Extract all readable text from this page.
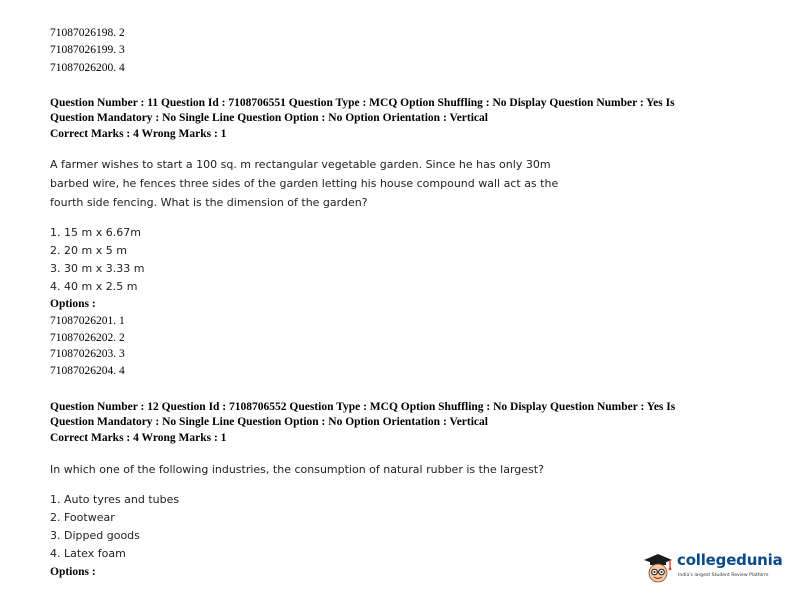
71087026198. 2
71087026199. 3
71087026200. 4
Question Number : 11 Question Id : 7108706551 Question Type : MCQ Option Shuffling : No Display Question Number : Yes Is
Question Mandatory : No Single Line Question Option : No Option Orientation : Vertical
Correct Marks : 4 Wrong Marks : 1
A farmer wishes to start a 100 sq. m rectangular vegetable garden. Since he has only 30m
barbed wire, he fences three sides of the garden letting his house compound wall act as the
fourth side fencing. What is the dimension of the garden?
1. 15 m x 6.67m
2. 20 m x 5 m
3. 30 m x 3.33 m
4. 40 m x 2.5 m
Options :
71087026201. 1
71087026202. 2
71087026203. 3
71087026204. 4
Question Number : 12 Question Id : 7108706552 Question Type : MCQ Option Shuffling : No Display Question Number : Yes Is
Question Mandatory : No Single Line Question Option : No Option Orientation : Vertical
Correct Marks : 4 Wrong Marks : 1
In which one of the following industries, the consumption of natural rubber is the largest?
1. Auto tyres and tubes
2. Footwear
3. Dipped goods
4. Latex foam
Options :
collegedunia
India's largest Student Review Platform
